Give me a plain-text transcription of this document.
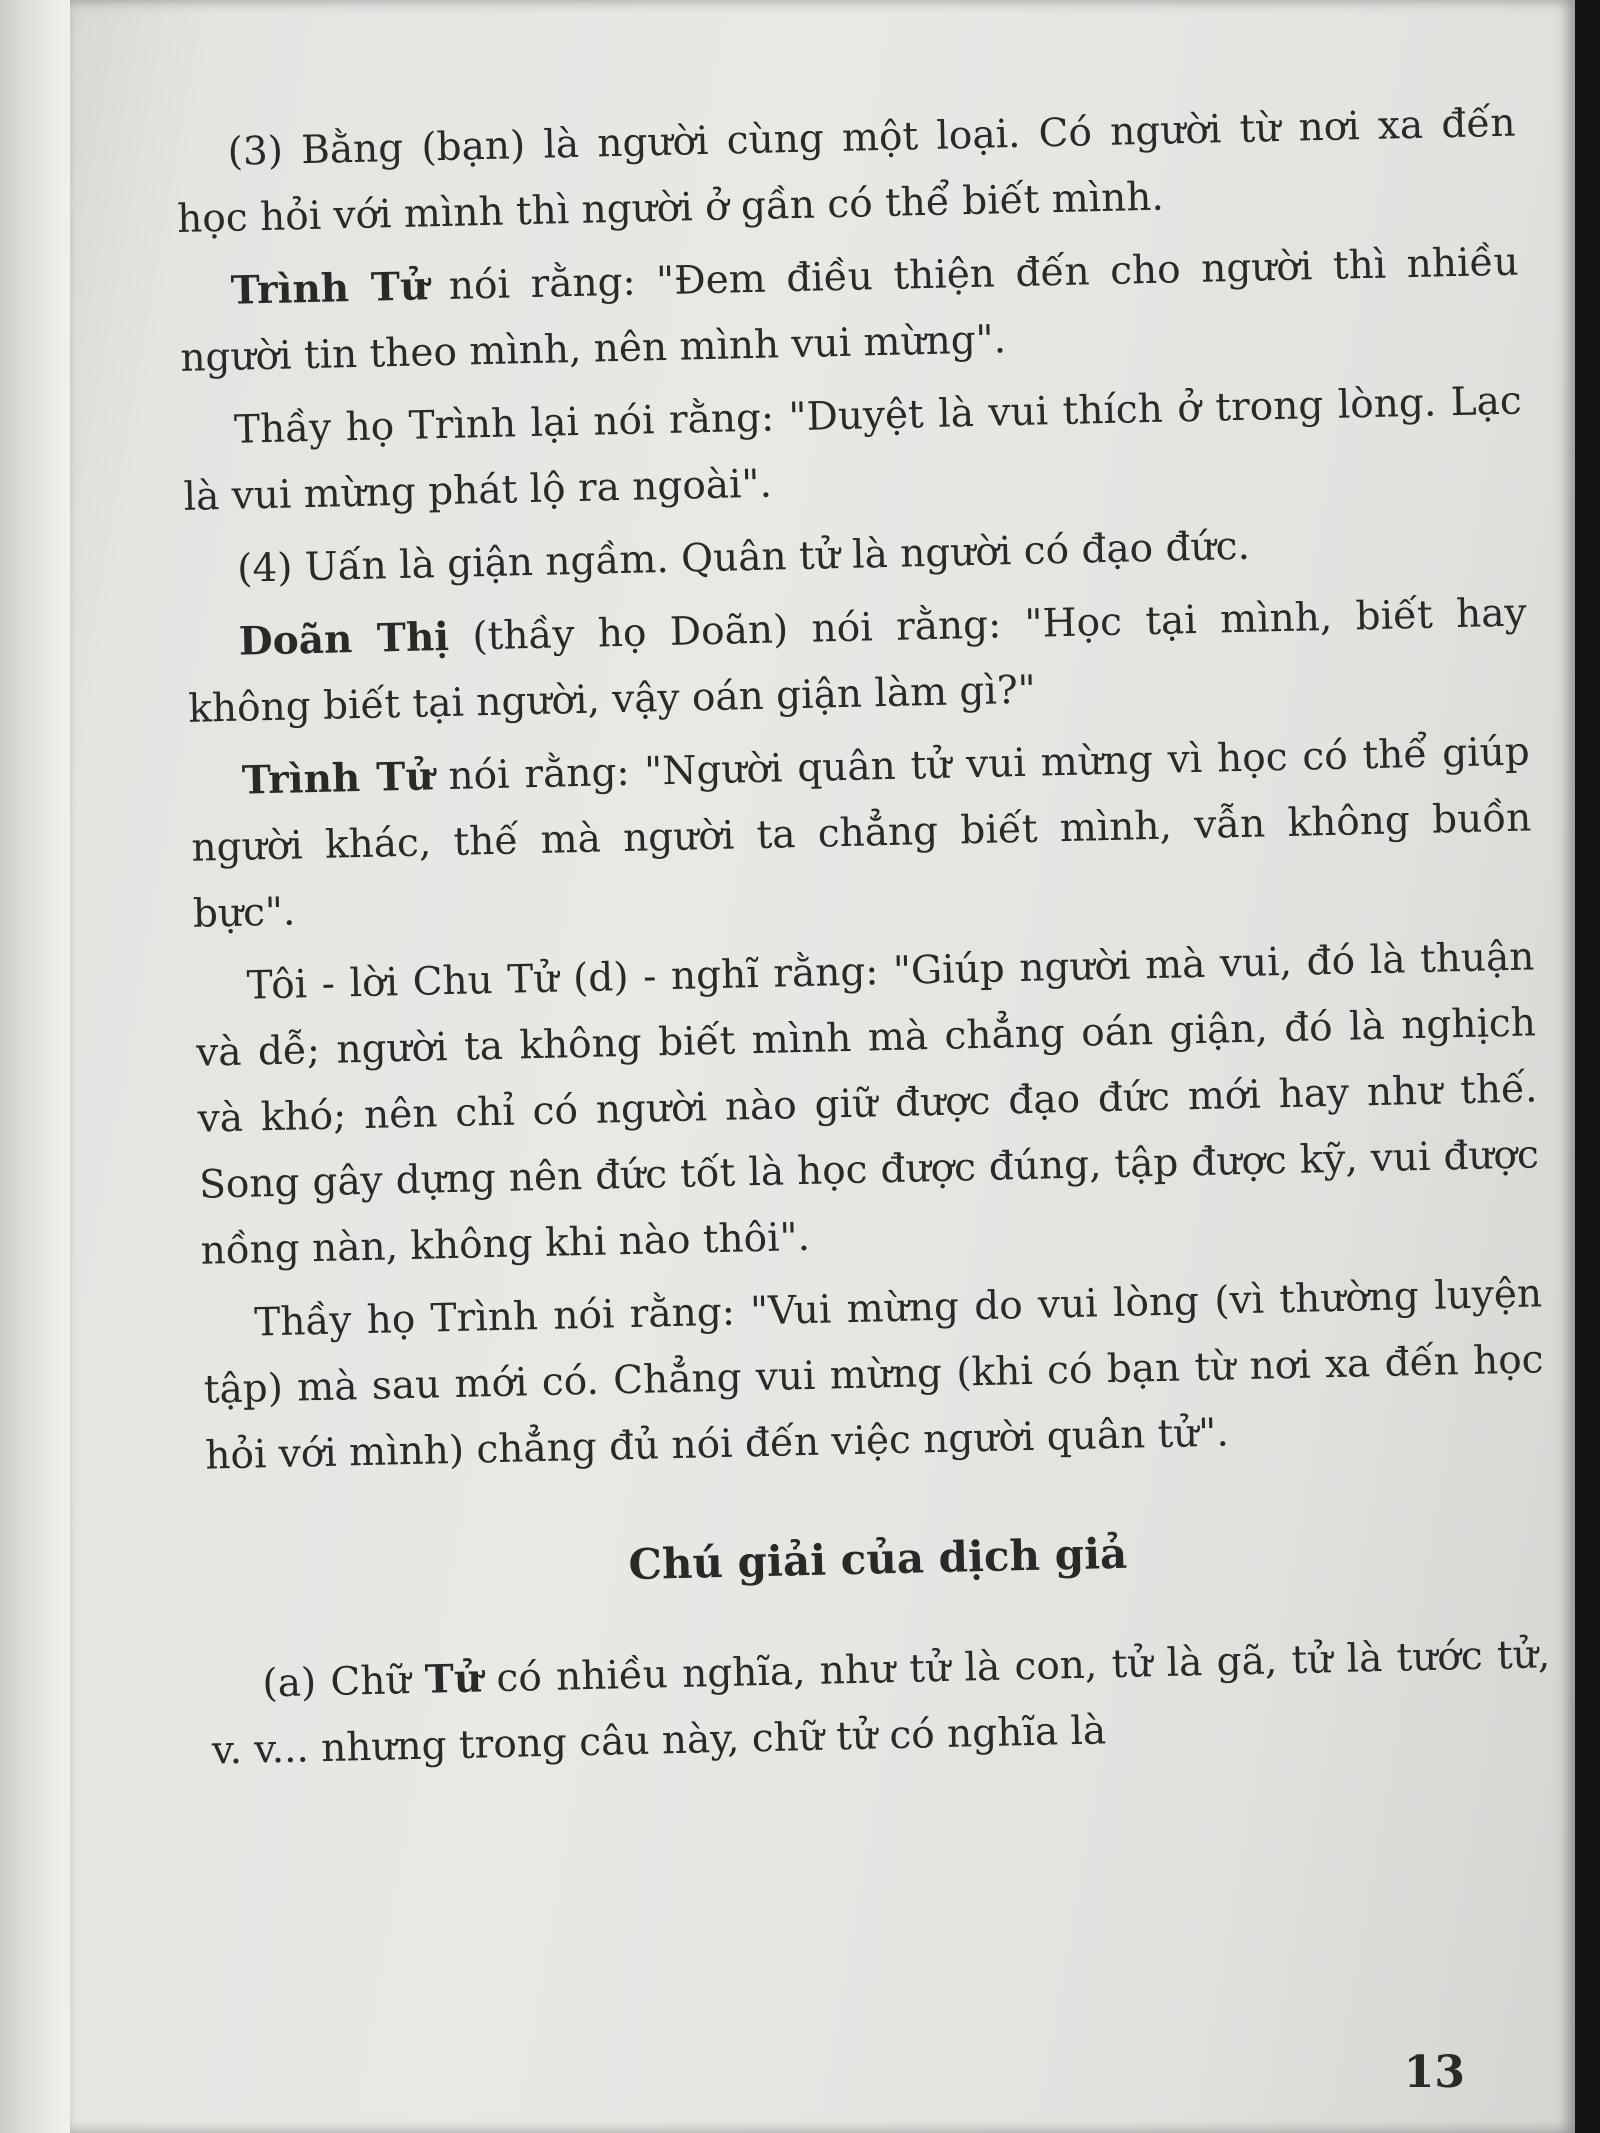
(3) Bằng (bạn) là người cùng một loại. Có người từ nơi xa đến học hỏi với mình thì người ở gần có thể biết mình.

Trình Tử nói rằng: "Đem điều thiện đến cho người thì nhiều người tin theo mình, nên mình vui mừng".

Thầy họ Trình lại nói rằng: "Duyệt là vui thích ở trong lòng. Lạc là vui mừng phát lộ ra ngoài".

(4) Uấn là giận ngầm. Quân tử là người có đạo đức.

Doãn Thị (thầy họ Doãn) nói rằng: "Học tại mình, biết hay không biết tại người, vậy oán giận làm gì?"

Trình Tử nói rằng: "Người quân tử vui mừng vì học có thể giúp người khác, thế mà người ta chẳng biết mình, vẫn không buồn bực".

Tôi - lời Chu Tử (d) - nghĩ rằng: "Giúp người mà vui, đó là thuận và dễ; người ta không biết mình mà chẳng oán giận, đó là nghịch và khó; nên chỉ có người nào giữ được đạo đức mới hay như thế. Song gây dựng nên đức tốt là học được đúng, tập được kỹ, vui được nồng nàn, không khi nào thôi".

Thầy họ Trình nói rằng: "Vui mừng do vui lòng (vì thường luyện tập) mà sau mới có. Chẳng vui mừng (khi có bạn từ nơi xa đến học hỏi với mình) chẳng đủ nói đến việc người quân tử".

Chú giải của dịch giả

(a) Chữ Tử có nhiều nghĩa, như tử là con, tử là gã, tử là tước tử, v. v... nhưng trong câu này, chữ tử có nghĩa là

13
